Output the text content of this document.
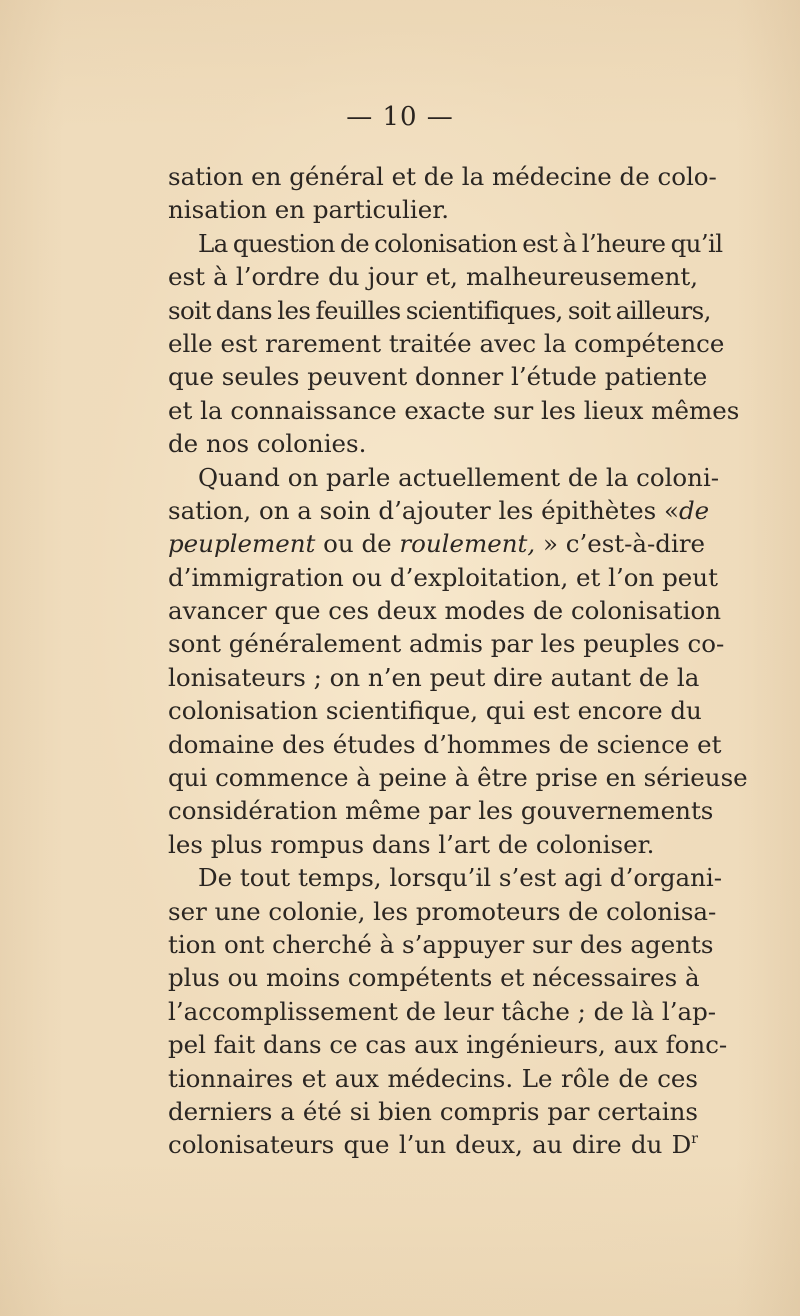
— 10 —
sation en général et de la médecine de colo-
nisation en particulier.
La question de colonisation est à l’heure qu’il
est à l’ordre du jour et, malheureusement,
soit dans les feuilles scientifiques, soit ailleurs,
elle est rarement traitée avec la compétence
que seules peuvent donner l’étude patiente
et la connaissance exacte sur les lieux mêmes
de nos colonies.
Quand on parle actuellement de la coloni-
sation, on a soin d’ajouter les épithètes «de
peuplement ou de roulement, » c’est-à-dire
d’immigration ou d’exploitation, et l’on peut
avancer que ces deux modes de colonisation
sont généralement admis par les peuples co-
lonisateurs ; on n’en peut dire autant de la
colonisation scientifique, qui est encore du
domaine des études d’hommes de science et
qui commence à peine à être prise en sérieuse
considération même par les gouvernements
les plus rompus dans l’art de coloniser.
De tout temps, lorsqu’il s’est agi d’organi-
ser une colonie, les promoteurs de colonisa-
tion ont cherché à s’appuyer sur des agents
plus ou moins compétents et nécessaires à
l’accomplissement de leur tâche ; de là l’ap-
pel fait dans ce cas aux ingénieurs, aux fonc-
tionnaires et aux médecins. Le rôle de ces
derniers a été si bien compris par certains
colonisateurs que l’un deux, au dire du $D^r$
